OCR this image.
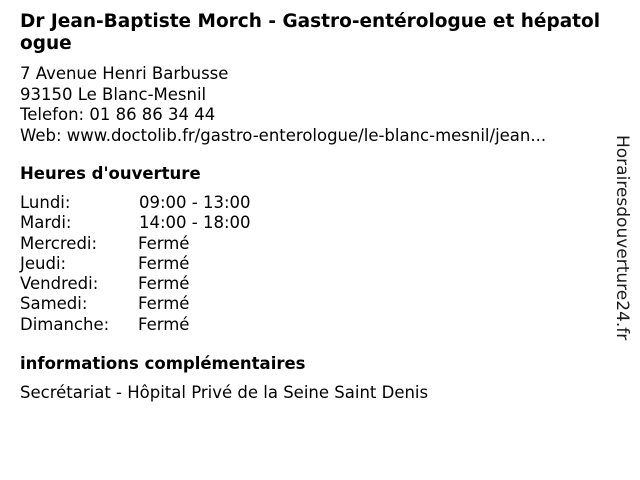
Dr Jean-Baptiste Morch - Gastro-entérologue et hépatologue
7 Avenue Henri Barbusse
93150 Le Blanc-Mesnil
Telefon: 01 86 86 34 44
Web: www.doctolib.fr/gastro-enterologue/le-blanc-mesnil/jean...
Heures d'ouverture
Lundi:	09:00 - 13:00
Mardi:	14:00 - 18:00
Mercredi: Fermé
Jeudi:	Fermé
Vendredi: Fermé
Samedi:	Fermé
Dimanche: Fermé
informations complémentaires
Secrétariat - Hôpital Privé de la Seine Saint Denis
Horairesdouverture24.fr
